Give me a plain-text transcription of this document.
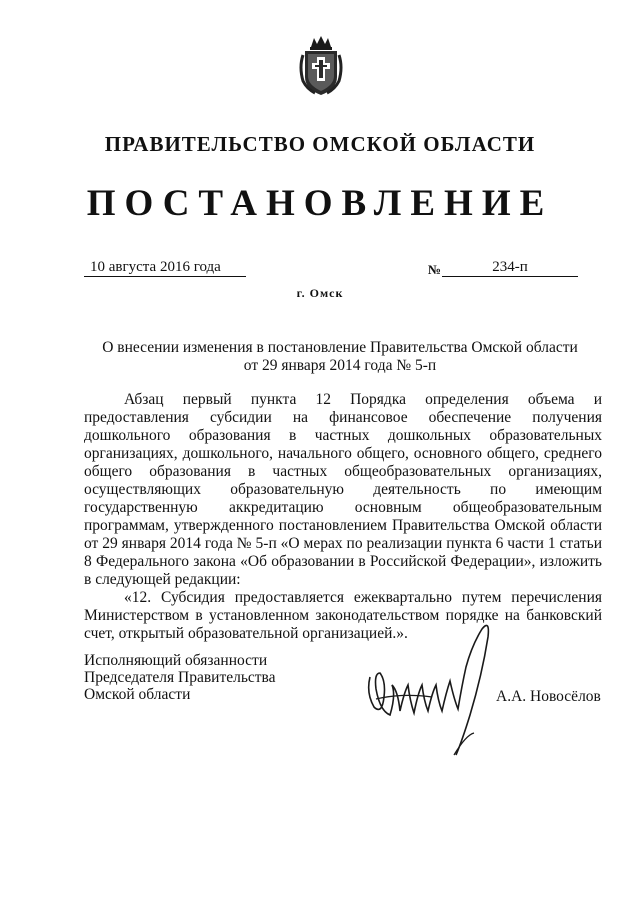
ПРАВИТЕЛЬСТВО ОМСКОЙ ОБЛАСТИ
ПОСТАНОВЛЕНИЕ
10 августа 2016 года	№	234-п
г. Омск
О внесении изменения в постановление Правительства Омской области
от 29 января 2014 года № 5-п

Абзац первый пункта 12 Порядка определения объема и предоставления субсидии на финансовое обеспечение получения дошкольного образования в частных дошкольных образовательных организациях, дошкольного, начального общего, основного общего, среднего общего образования в частных общеобразовательных организациях, осуществляющих образовательную деятельность по имеющим государственную аккредитацию основным общеобразовательным программам, утвержденного постановлением Правительства Омской области от 29 января 2014 года № 5-п «О мерах по реализации пункта 6 части 1 статьи 8 Федерального закона «Об образовании в Российской Федерации», изложить в следующей редакции:

«12. Субсидия предоставляется ежеквартально путем перечисления Министерством в установленном законодательством порядке на банковский счет, открытый образовательной организацией.».

Исполняющий обязанности
Председателя Правительства
Омской области	А.А. Новосёлов
